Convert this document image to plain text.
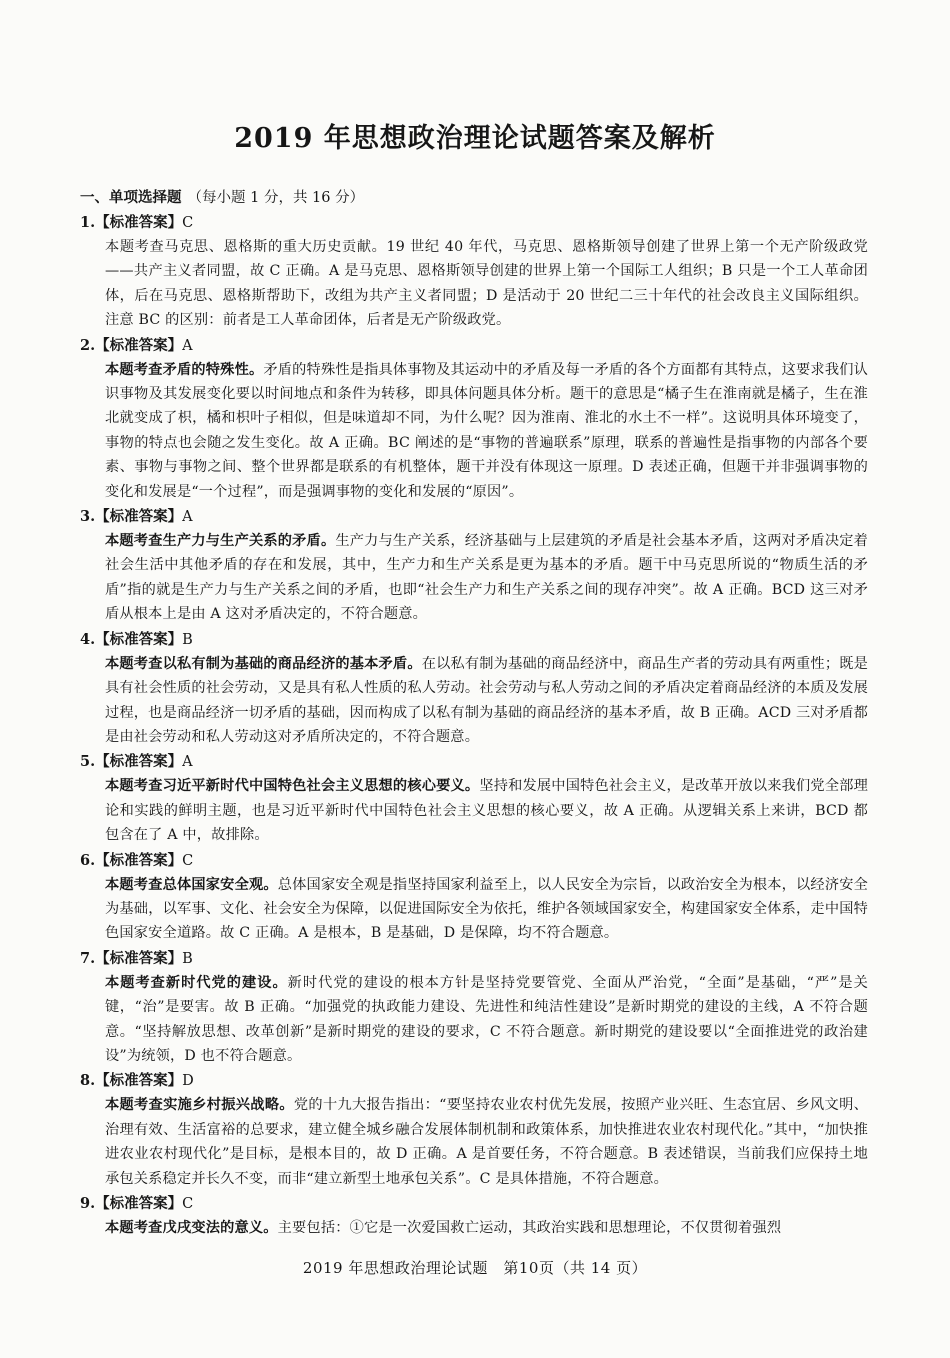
2019 年思想政治理论试题答案及解析
一、单项选择题 （每小题 1 分，共 16 分）
1.【标准答案】C
本题考查马克思、恩格斯的重大历史贡献。19 世纪 40 年代，马克思、恩格斯领导创建了世界上第一个无产阶级政党——共产主义者同盟，故 C 正确。A 是马克思、恩格斯领导创建的世界上第一个国际工人组织；B 只是一个工人革命团体，后在马克思、恩格斯帮助下，改组为共产主义者同盟；D 是活动于 20 世纪二三十年代的社会改良主义国际组织。注意 BC 的区别：前者是工人革命团体，后者是无产阶级政党。
2.【标准答案】A
本题考查矛盾的特殊性。矛盾的特殊性是指具体事物及其运动中的矛盾及每一矛盾的各个方面都有其特点，这要求我们认识事物及其发展变化要以时间地点和条件为转移，即具体问题具体分析。题干的意思是“橘子生在淮南就是橘子，生在淮北就变成了枳，橘和枳叶子相似，但是味道却不同，为什么呢？因为淮南、淮北的水土不一样”。这说明具体环境变了，事物的特点也会随之发生变化。故 A 正确。BC 阐述的是“事物的普遍联系”原理，联系的普遍性是指事物的内部各个要素、事物与事物之间、整个世界都是联系的有机整体，题干并没有体现这一原理。D 表述正确，但题干并非强调事物的变化和发展是“一个过程”，而是强调事物的变化和发展的“原因”。
3.【标准答案】A
本题考查生产力与生产关系的矛盾。生产力与生产关系，经济基础与上层建筑的矛盾是社会基本矛盾，这两对矛盾决定着社会生活中其他矛盾的存在和发展，其中，生产力和生产关系是更为基本的矛盾。题干中马克思所说的“物质生活的矛盾”指的就是生产力与生产关系之间的矛盾，也即“社会生产力和生产关系之间的现存冲突”。故 A 正确。BCD 这三对矛盾从根本上是由 A 这对矛盾决定的，不符合题意。
4.【标准答案】B
本题考查以私有制为基础的商品经济的基本矛盾。在以私有制为基础的商品经济中，商品生产者的劳动具有两重性；既是具有社会性质的社会劳动，又是具有私人性质的私人劳动。社会劳动与私人劳动之间的矛盾决定着商品经济的本质及发展过程，也是商品经济一切矛盾的基础，因而构成了以私有制为基础的商品经济的基本矛盾，故 B 正确。ACD 三对矛盾都是由社会劳动和私人劳动这对矛盾所决定的，不符合题意。
5.【标准答案】A
本题考查习近平新时代中国特色社会主义思想的核心要义。坚持和发展中国特色社会主义，是改革开放以来我们党全部理论和实践的鲜明主题，也是习近平新时代中国特色社会主义思想的核心要义，故 A 正确。从逻辑关系上来讲，BCD 都包含在了 A 中，故排除。
6.【标准答案】C
本题考查总体国家安全观。总体国家安全观是指坚持国家利益至上，以人民安全为宗旨，以政治安全为根本，以经济安全为基础，以军事、文化、社会安全为保障，以促进国际安全为依托，维护各领域国家安全，构建国家安全体系，走中国特色国家安全道路。故 C 正确。A 是根本，B 是基础，D 是保障，均不符合题意。
7.【标准答案】B
本题考查新时代党的建设。新时代党的建设的根本方针是坚持党要管党、全面从严治党，“全面”是基础，“严”是关键，“治”是要害。故 B 正确。“加强党的执政能力建设、先进性和纯洁性建设”是新时期党的建设的主线，A 不符合题意。“坚持解放思想、改革创新”是新时期党的建设的要求，C 不符合题意。新时期党的建设要以“全面推进党的政治建设”为统领，D 也不符合题意。
8.【标准答案】D
本题考查实施乡村振兴战略。党的十九大报告指出：“要坚持农业农村优先发展，按照产业兴旺、生态宜居、乡风文明、治理有效、生活富裕的总要求，建立健全城乡融合发展体制机制和政策体系，加快推进农业农村现代化。”其中，“加快推进农业农村现代化”是目标，是根本目的，故 D 正确。A 是首要任务，不符合题意。B 表述错误，当前我们应保持土地承包关系稳定并长久不变，而非“建立新型土地承包关系”。C 是具体措施，不符合题意。
9.【标准答案】C
本题考查戊戌变法的意义。主要包括：①它是一次爱国救亡运动，其政治实践和思想理论，不仅贯彻着强烈
2019 年思想政治理论试题　第10页（共 14 页）
